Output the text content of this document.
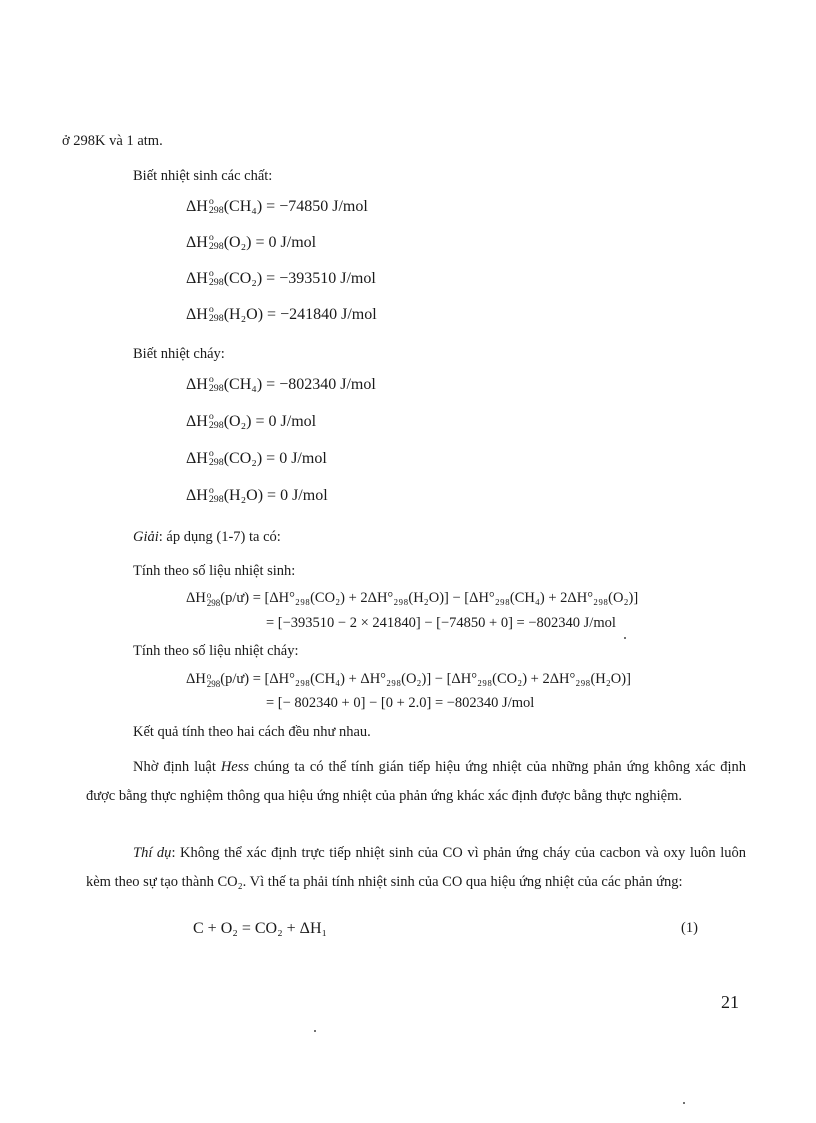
ở 298K và 1 atm.
Biết nhiệt sinh các chất:
ΔH o
298 (CH₄) = −74850 J/mol
ΔH o
298 (O₂) = 0 J/mol
ΔH o
298 (CO₂) = −393510 J/mol
ΔH o
298 (H₂O) = −241840 J/mol
Biết nhiệt cháy:
ΔH o
298 (CH₄) = −802340 J/mol
ΔH o
298 (O₂) = 0 J/mol
ΔH o
298 (CO₂) = 0 J/mol
ΔH o
298 (H₂O) = 0 J/mol
Giải: áp dụng (1-7) ta có:
Tính theo số liệu nhiệt sinh:
ΔH o
298 (p/ư) = [ΔH°₂₉₈(CO₂) + 2ΔH°₂₉₈(H₂O)] − [ΔH°₂₉₈(CH₄) + 2ΔH°₂₉₈(O₂)]
= [−393510 − 2 × 241840] − [−74850 + 0] = −802340 J/mol
Tính theo số liệu nhiệt cháy:
ΔH o
298 (p/ư) = [ΔH°₂₉₈(CH₄) + ΔH°₂₉₈(O₂)] − [ΔH°₂₉₈(CO₂) + 2ΔH°₂₉₈(H₂O)]
= [− 802340 + 0] − [0 + 2.0] = −802340 J/mol
Kết quả tính theo hai cách đều như nhau.
Nhờ định luật Hess chúng ta có thể tính gián tiếp hiệu ứng nhiệt của những phản ứng không xác định được bằng thực nghiệm thông qua hiệu ứng nhiệt của phản ứng khác xác định được bằng thực nghiệm.
Thí dụ: Không thể xác định trực tiếp nhiệt sinh của CO vì phản ứng cháy của cacbon và oxy luôn luôn kèm theo sự tạo thành CO₂. Vì thế ta phải tính nhiệt sinh của CO qua hiệu ứng nhiệt của các phản ứng:
C + O₂ = CO₂ + ΔH₁	(1)
21
